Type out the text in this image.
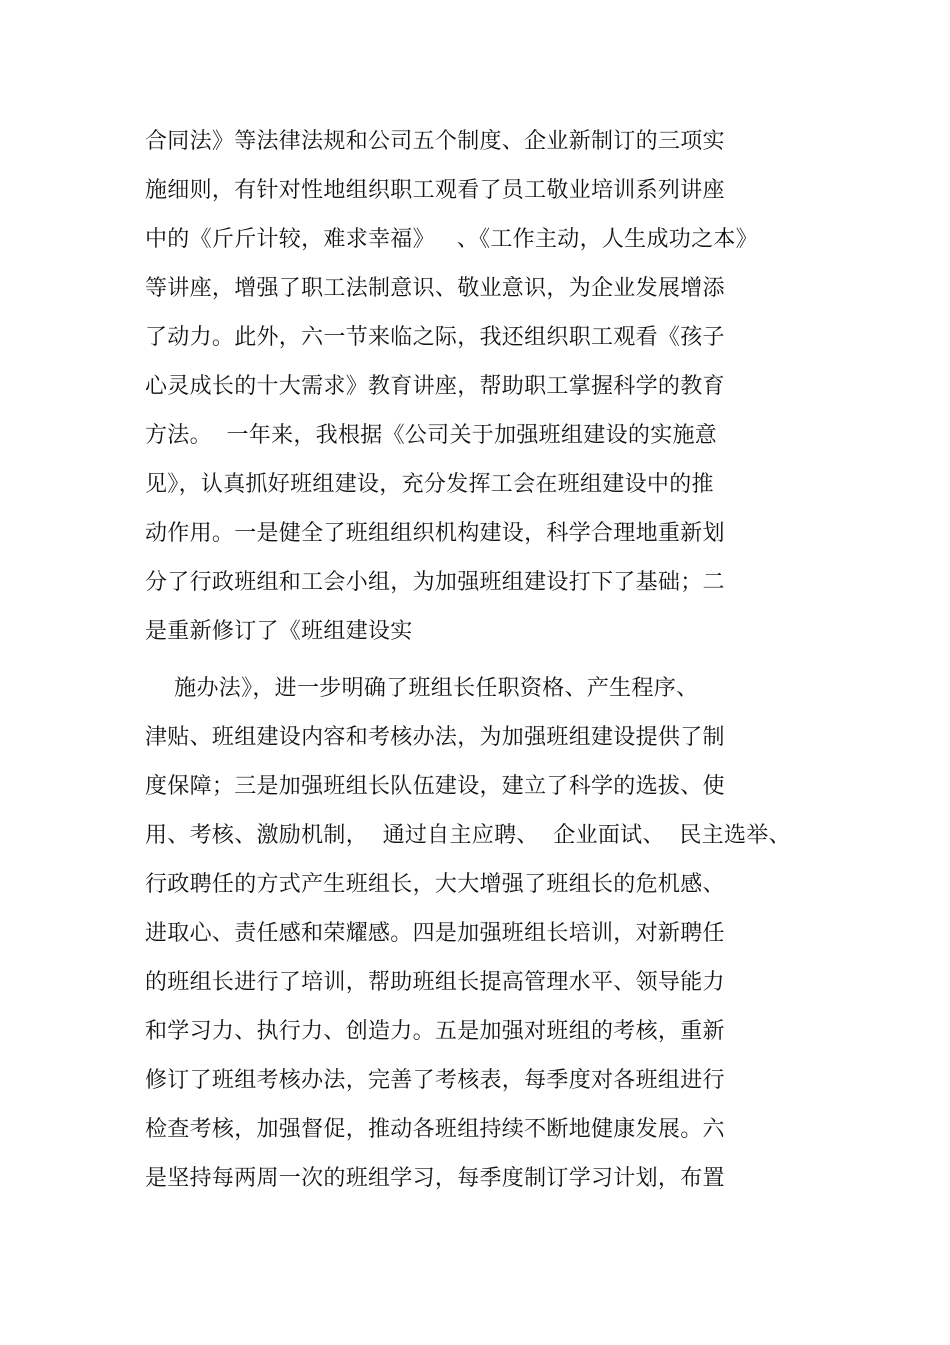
合同法》等法律法规和公司五个制度、企业新制订的三项实
施细则，有针对性地组织职工观看了员工敬业培训系列讲座
中的《斤斤计较，难求幸福》   、《工作主动，人生成功之本》
等讲座，增强了职工法制意识、敬业意识，为企业发展增添
了动力。此外，六一节来临之际，我还组织职工观看《孩子
心灵成长的十大需求》教育讲座，帮助职工掌握科学的教育
方法。  一年来，我根据《公司关于加强班组建设的实施意
见》，认真抓好班组建设，充分发挥工会在班组建设中的推
动作用。一是健全了班组组织机构建设，科学合理地重新划
分了行政班组和工会小组，为加强班组建设打下了基础；二
是重新修订了《班组建设实
施办法》，进一步明确了班组长任职资格、产生程序、
津贴、班组建设内容和考核办法，为加强班组建设提供了制
度保障；三是加强班组长队伍建设，建立了科学的选拔、使
用、考核、激励机制，  通过自主应聘、  企业面试、  民主选举、
行政聘任的方式产生班组长，大大增强了班组长的危机感、
进取心、责任感和荣耀感。四是加强班组长培训，对新聘任
的班组长进行了培训，帮助班组长提高管理水平、领导能力
和学习力、执行力、创造力。五是加强对班组的考核，重新
修订了班组考核办法，完善了考核表，每季度对各班组进行
检查考核，加强督促，推动各班组持续不断地健康发展。六
是坚持每两周一次的班组学习，每季度制订学习计划，布置
